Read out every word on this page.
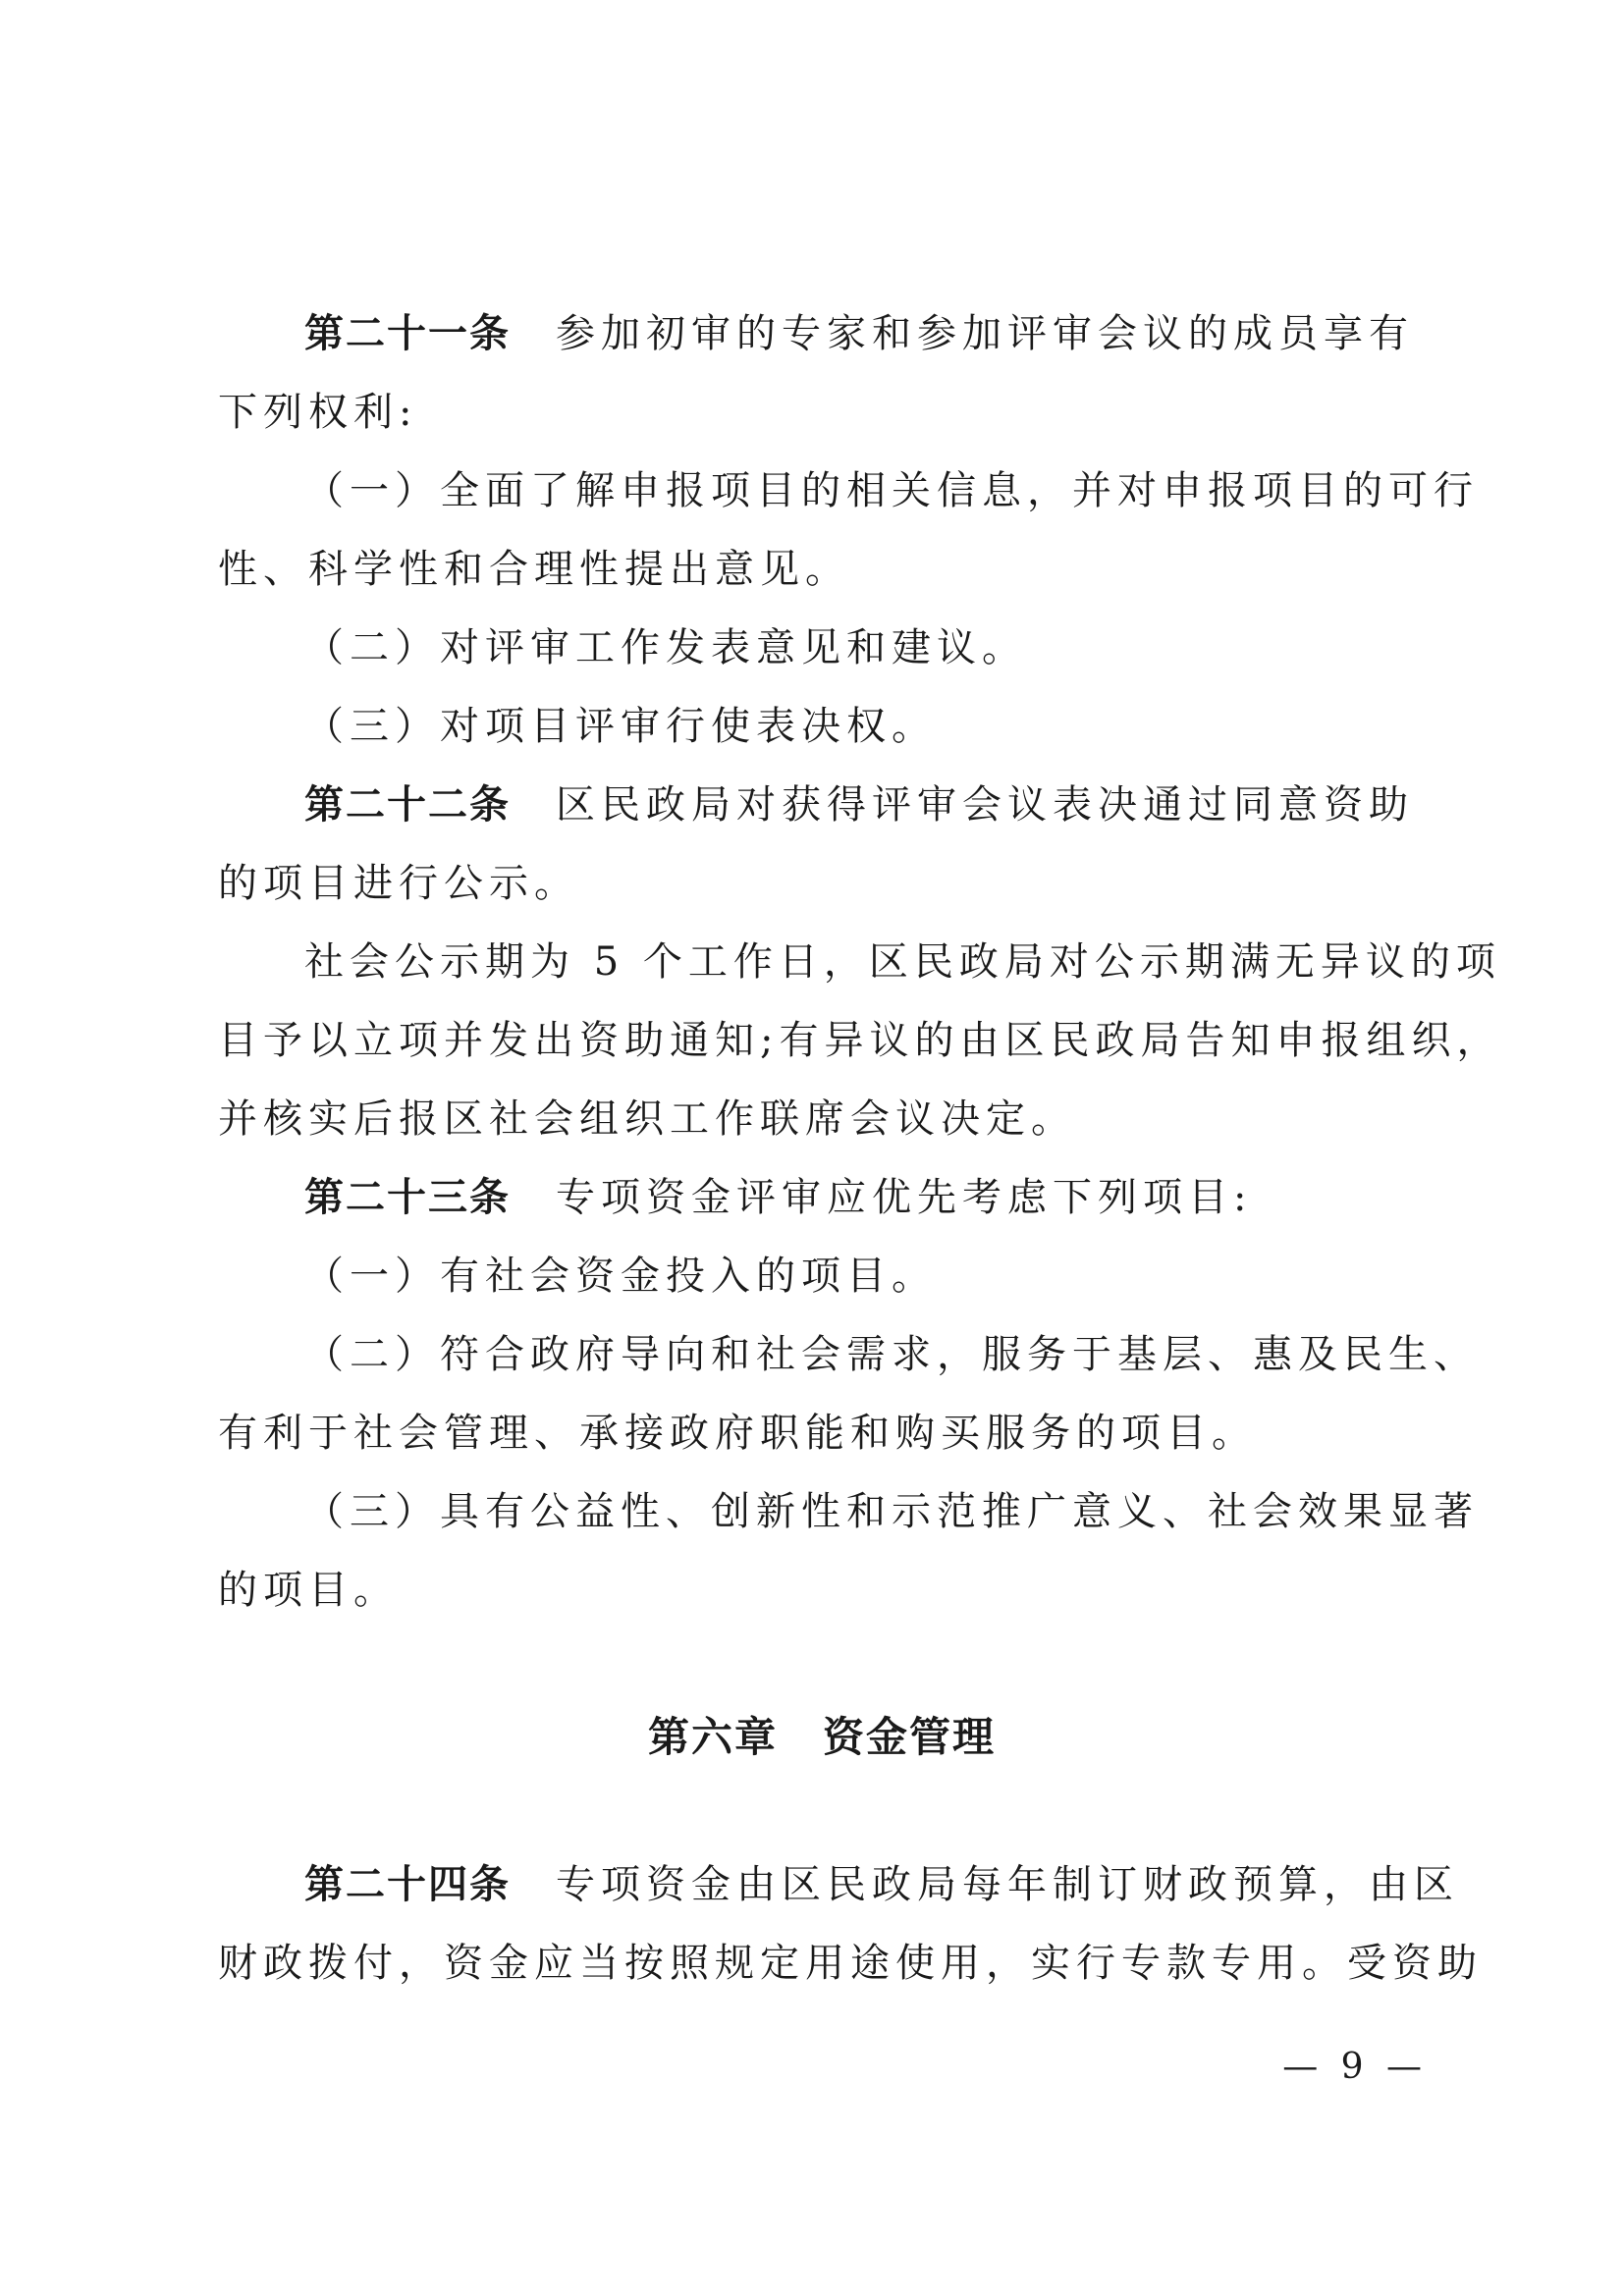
第二十一条 参加初审的专家和参加评审会议的成员享有
下列权利:
（一）全面了解申报项目的相关信息，并对申报项目的可行
性、科学性和合理性提出意见。
（二）对评审工作发表意见和建议。
（三）对项目评审行使表决权。
第二十二条 区民政局对获得评审会议表决通过同意资助
的项目进行公示。
社会公示期为 5 个工作日，区民政局对公示期满无异议的项
目予以立项并发出资助通知;有异议的由区民政局告知申报组织，
并核实后报区社会组织工作联席会议决定。
第二十三条 专项资金评审应优先考虑下列项目:
（一）有社会资金投入的项目。
（二）符合政府导向和社会需求，服务于基层、惠及民生、
有利于社会管理、承接政府职能和购买服务的项目。
（三）具有公益性、创新性和示范推广意义、社会效果显著
的项目。
第六章 资金管理
第二十四条 专项资金由区民政局每年制订财政预算，由区
财政拨付，资金应当按照规定用途使用，实行专款专用。受资助
— 9 —
